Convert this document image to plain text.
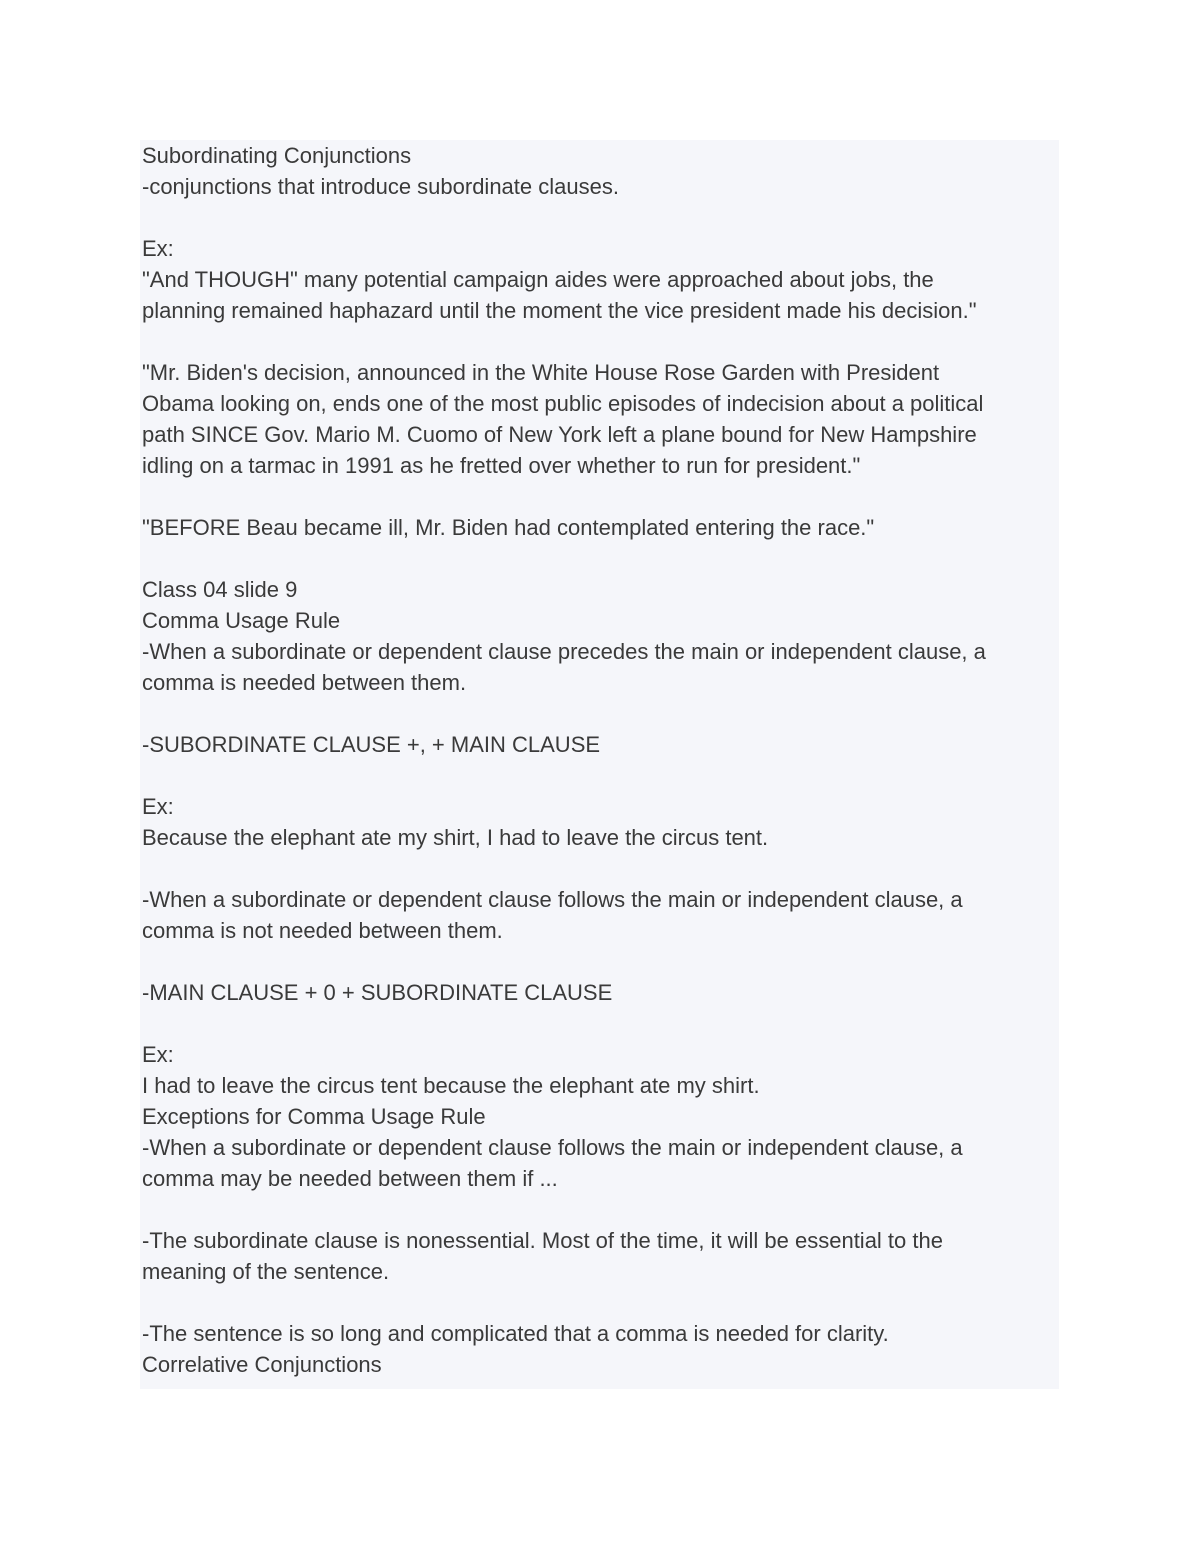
Subordinating Conjunctions
-conjunctions that introduce subordinate clauses.
Ex:
"And THOUGH" many potential campaign aides were approached about jobs, the
planning remained haphazard until the moment the vice president made his decision."
"Mr. Biden's decision, announced in the White House Rose Garden with President
Obama looking on, ends one of the most public episodes of indecision about a political
path SINCE Gov. Mario M. Cuomo of New York left a plane bound for New Hampshire
idling on a tarmac in 1991 as he fretted over whether to run for president."
"BEFORE Beau became ill, Mr. Biden had contemplated entering the race."
Class 04 slide 9
Comma Usage Rule
-When a subordinate or dependent clause precedes the main or independent clause, a
comma is needed between them.
-SUBORDINATE CLAUSE +, + MAIN CLAUSE
Ex:
Because the elephant ate my shirt, I had to leave the circus tent.
-When a subordinate or dependent clause follows the main or independent clause, a
comma is not needed between them.
-MAIN CLAUSE + 0 + SUBORDINATE CLAUSE
Ex:
I had to leave the circus tent because the elephant ate my shirt.
Exceptions for Comma Usage Rule
-When a subordinate or dependent clause follows the main or independent clause, a
comma may be needed between them if ...
-The subordinate clause is nonessential. Most of the time, it will be essential to the
meaning of the sentence.
-The sentence is so long and complicated that a comma is needed for clarity.
Correlative Conjunctions
